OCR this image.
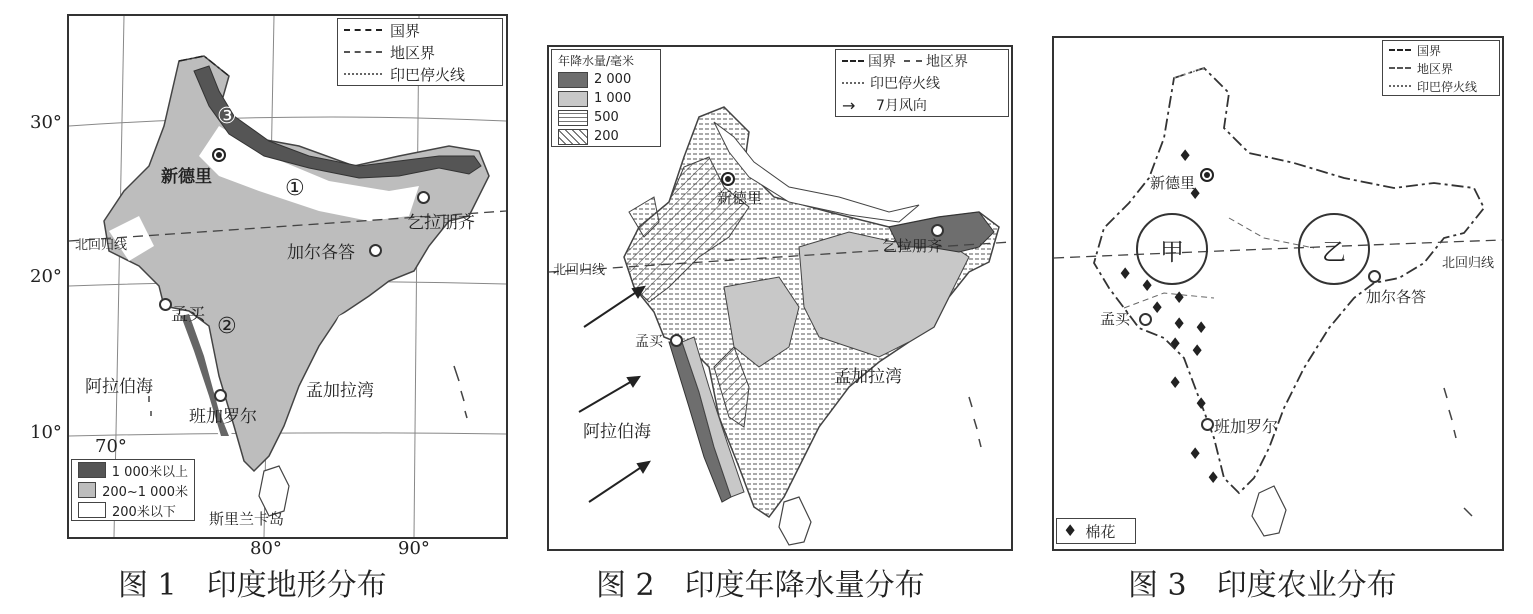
国界
地区界
印巴停火线
1 000米以上
200~1 000米
200米以下
北回归线
新德里
乞拉朋齐
加尔各答
孟买
班加罗尔
阿拉伯海	孟加拉湾
斯里兰卡岛
①
②
③
70°
30°
20°
10°
80°	90°
图 1　印度地形分布
年降水量/毫米
2 000
1 000
500
200
国界 地区界
印巴停火线
→	7月风向
北回归线
新德里
乞拉朋齐
孟买
阿拉伯海
孟加拉湾
图 2　印度年降水量分布
国界
地区界
印巴停火线
♦ 棉花
甲	乙	北回归线
新德里
加尔各答
孟买
班加罗尔
♦
♦
♦
♦
♦
♦
♦ ♦
♦ ♦
♦
♦
♦
♦
图 3　印度农业分布
